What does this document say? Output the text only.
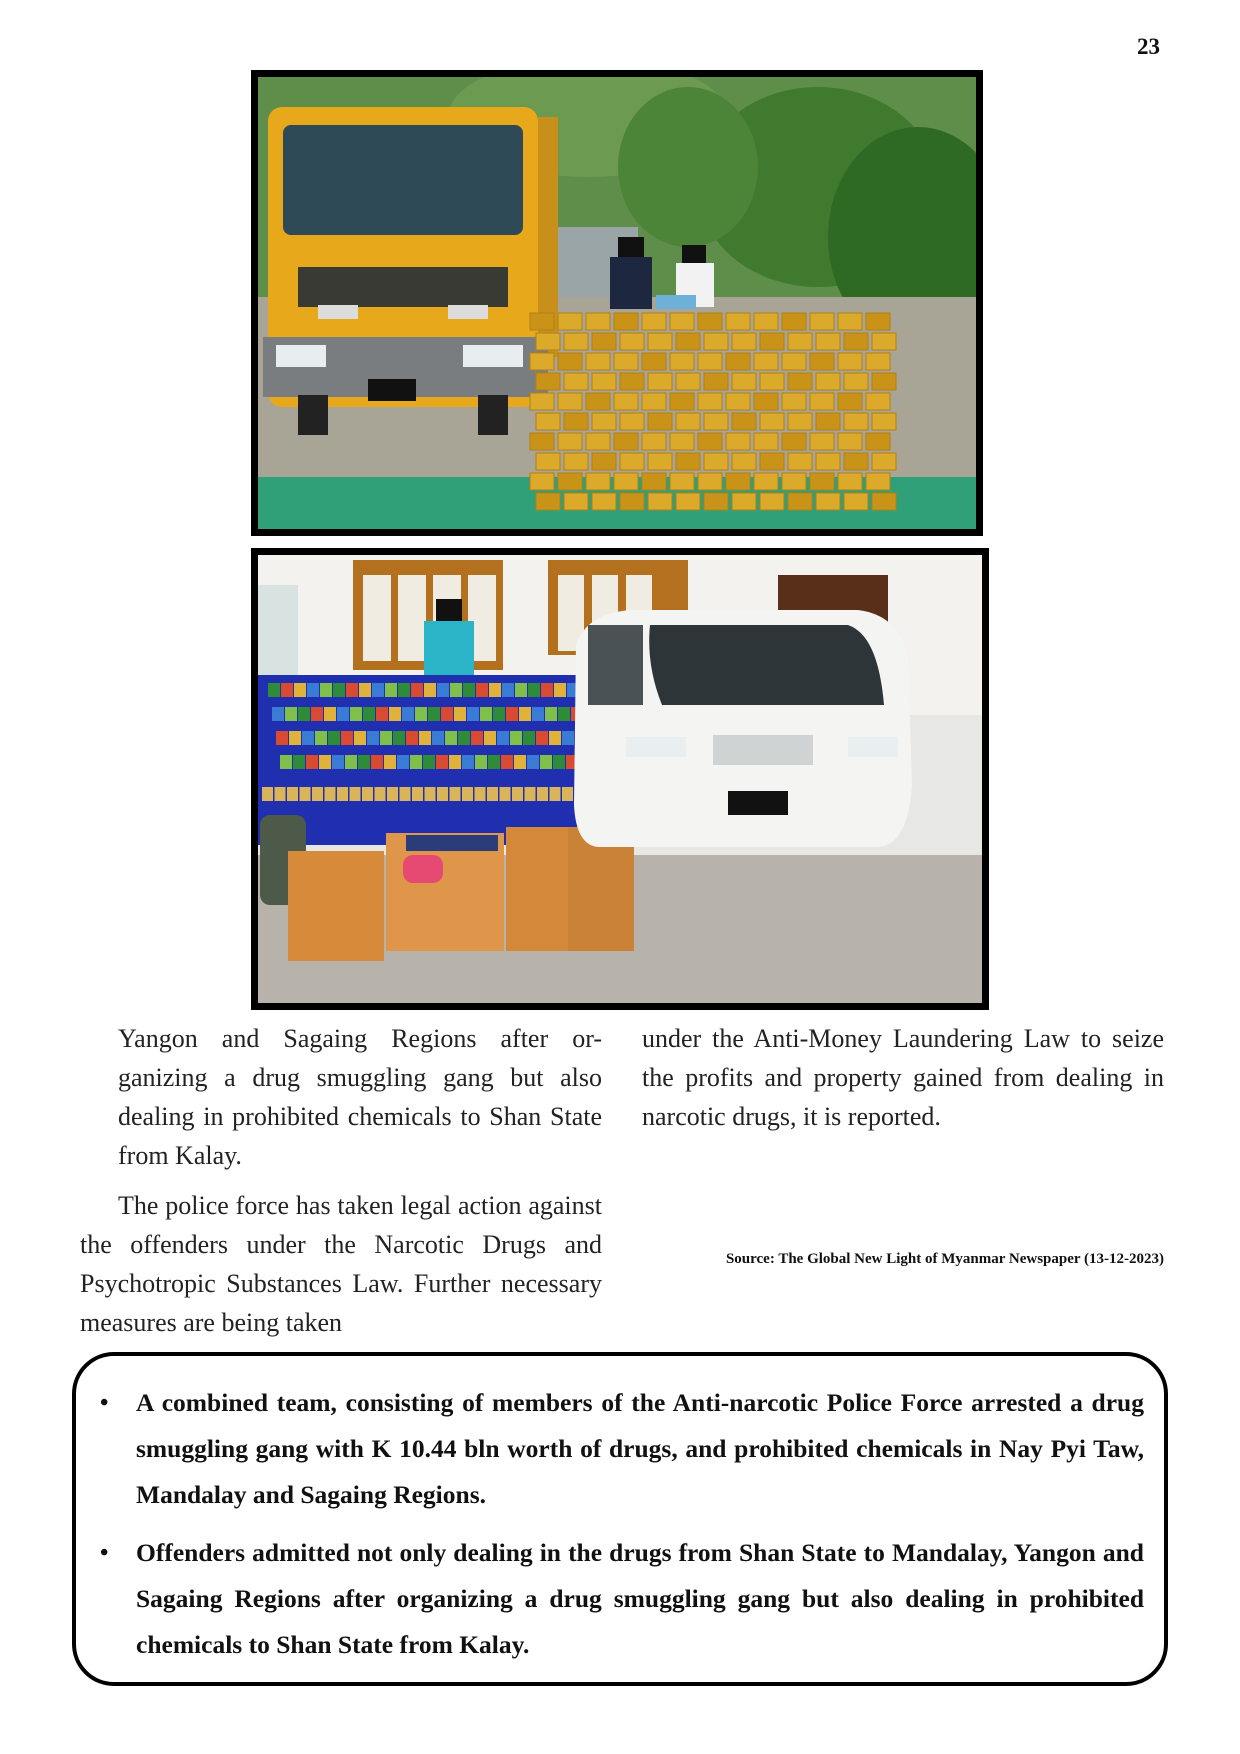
23

Yangon and Sagaing Regions after or-ganizing a drug smuggling gang but also dealing in prohibited chemicals to Shan State from Kalay.

The police force has taken legal action against the offenders under the Narcotic Drugs and Psychotropic Substances Law. Further necessary measures are being taken

under the Anti-Money Laundering Law to seize the profits and property gained from dealing in narcotic drugs, it is reported.

Source: The Global New Light of Myanmar Newspaper (13-12-2023)
• A combined team, consisting of members of the Anti-narcotic Police Force arrested a drug smuggling gang with K 10.44 bln worth of drugs, and prohibited chemicals in Nay Pyi Taw, Mandalay and Sagaing Regions.
• Offenders admitted not only dealing in the drugs from Shan State to Mandalay, Yangon and Sagaing Regions after organizing a drug smuggling gang but also dealing in prohibited chemicals to Shan State from Kalay.
